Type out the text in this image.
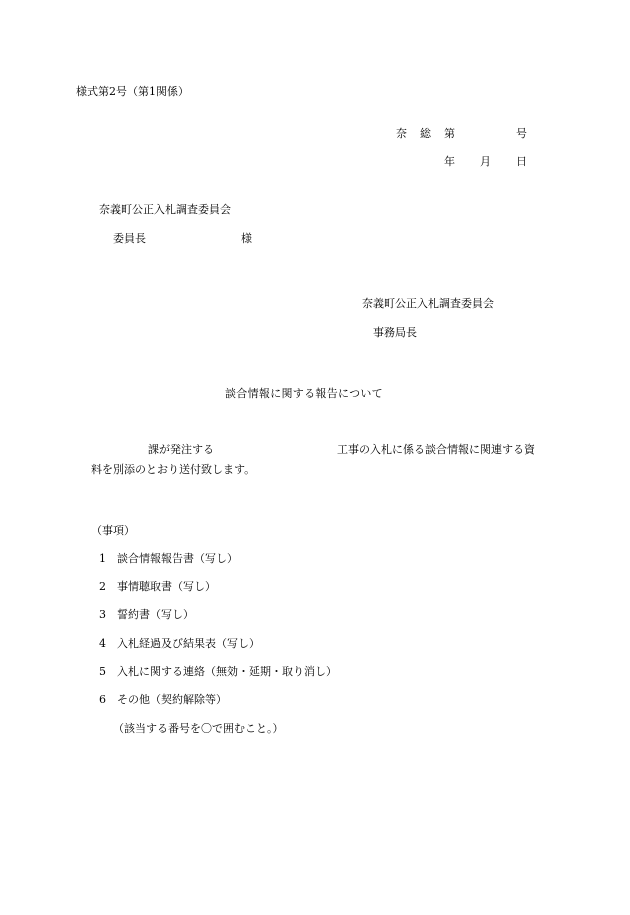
様式第2号（第1関係）
奈 総 第	号
年 月 日
奈義町公正入札調査委員会
委員長	様
奈義町公正入札調査委員会
事務局長
談合情報に関する報告について
課が発注する	工事の入札に係る談合情報に関連する資
料を別添のとおり送付致します。
（事項）
1 談合情報報告書（写し）
2 事情聴取書（写し）
3 誓約書（写し）
4 入札経過及び結果表（写し）
5 入札に関する連絡（無効・延期・取り消し）
6 その他（契約解除等）
（該当する番号を〇で囲むこと。）
